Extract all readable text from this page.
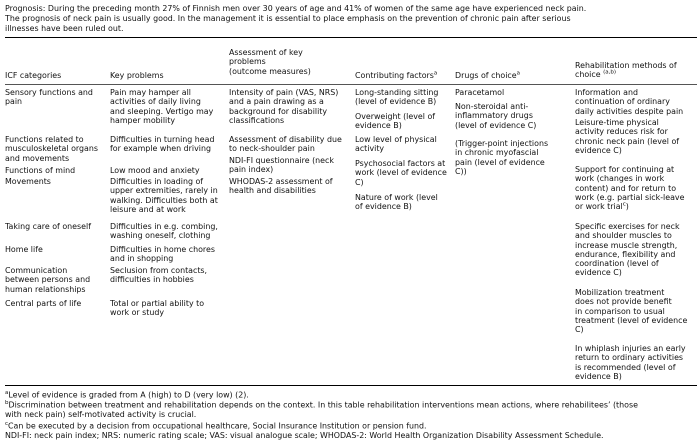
Prognosis: During the preceding month 27% of Finnish men over 30 years of age and 41% of women of the same age have experienced neck pain.

The prognosis of neck pain is usually good. In the management it is essential to place emphasis on the prevention of chronic pain after serious

illnesses have been ruled out.

ICF categories	Key problems
Assessment of key
problems
(outcome measures)	Contributing factors$^a$ Drugs of choice$^a$
Rehabilitation methods of
choice $^{(a,b)}$

Sensory functions and
pain

Functions related to
musculoskeletal organs
and movements

Functions of mind

Movements

Taking care of oneself

Home life

Communication
between persons and
human relationships

Central parts of life

Pain may hamper all
activities of daily living
and sleeping. Vertigo may
hamper mobility

Difficulties in turning head
for example when driving

Low mood and anxiety

Difficulties in loading of
upper extremities, rarely in
walking. Difficulties both at
leisure and at work

Difficulties in e.g. combing,
washing oneself, clothing

Difficulties in home chores
and in shopping

Seclusion from contacts,
difficulties in hobbies

Total or partial ability to
work or study

Intensity of pain (VAS, NRS)
and a pain drawing as a
background for disability
classifications

Assessment of disability due
to neck-shoulder pain

NDI-FI questionnaire (neck
pain index)

WHODAS-2 assessment of
health and disabilities

Long-standing sitting
(level of evidence B)

Overweight (level of
evidence B)

Low level of physical
activity

Psychosocial factors at
work (level of evidence
C)

Nature of work (level
of evidence B)

Paracetamol

Non-steroidal anti-
inflammatory drugs
(level of evidence C)

(Trigger-point injections
in chronic myofascial
pain (level of evidence
C))

Information and
continuation of ordinary
daily activities despite pain

Leisure-time physical
activity reduces risk for
chronic neck pain (level of
evidence C)

Support for continuing at
work (changes in work
content) and for return to
work (e.g. partial sick-leave
or work trial$^c$)

Specific exercises for neck
and shoulder muscles to
increase muscle strength,
endurance, flexibility and
coordination (level of
evidence C)

Mobilization treatment
does not provide benefit
in comparison to usual
treatment (level of evidence
C)

In whiplash injuries an early
return to ordinary activities
is recommended (level of
evidence B)

$^a$Level of evidence is graded from A (high) to D (very low) (2).

$^b$Discrimination between treatment and rehabilitation depends on the context. In this table rehabilitation interventions mean actions, where rehabilitees’ (those
with neck pain) self-motivated activity is crucial.

$^c$Can be executed by a decision from occupational healthcare, Social Insurance Institution or pension fund.

NDI-FI: neck pain index; NRS: numeric rating scale; VAS: visual analogue scale; WHODAS-2: World Health Organization Disability Assessment Schedule.
